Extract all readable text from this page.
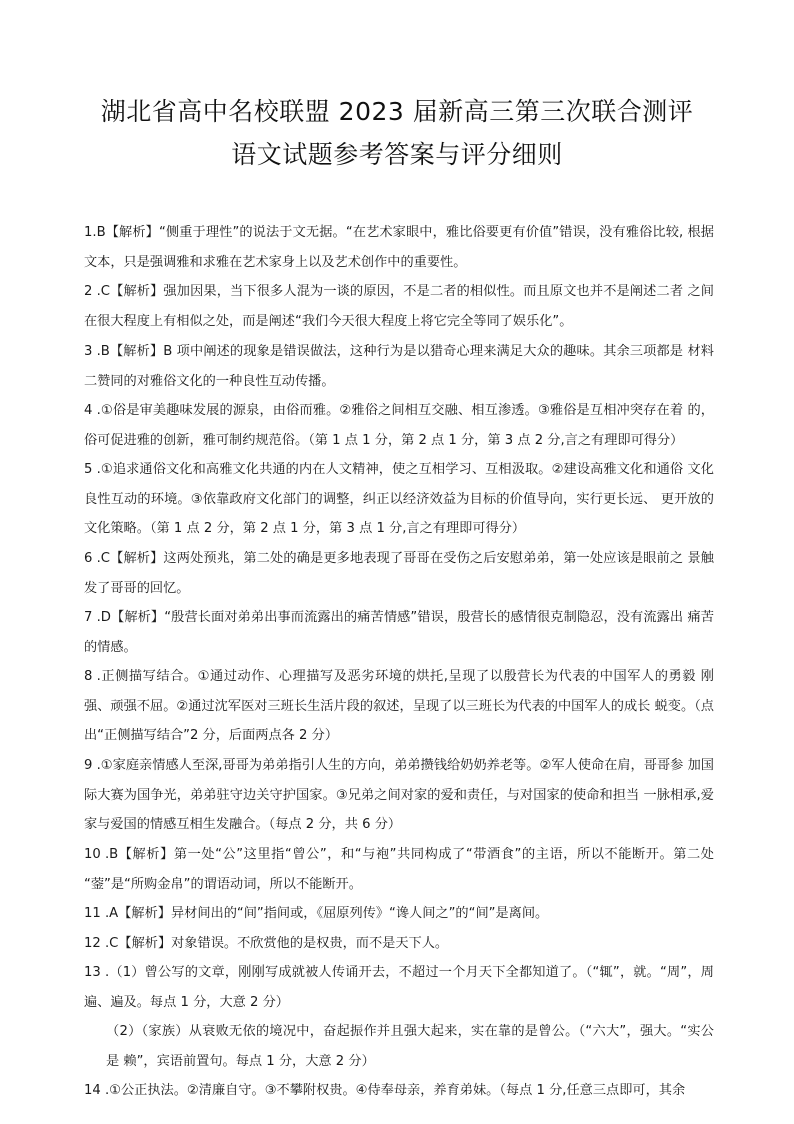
湖北省高中名校联盟 2023 届新高三第三次联合测评
语文试题参考答案与评分细则
1.B【解析】“侧重于理性”的说法于文无据。“在艺术家眼中，雅比俗要更有价值”错误，没有雅俗比较, 根据文本，只是强调雅和求雅在艺术家身上以及艺术创作中的重要性。
2 .C【解析】强加因果，当下很多人混为一谈的原因，不是二者的相似性。而且原文也并不是阐述二者 之间在很大程度上有相似之处，而是阐述“我们今天很大程度上将它完全等同了娱乐化”。
3 .B【解析】B 项中阐述的现象是错误做法，这种行为是以猎奇心理来满足大众的趣味。其余三项都是 材料二赞同的对雅俗文化的一种良性互动传播。
4 .①俗是审美趣味发展的源泉，由俗而雅。②雅俗之间相互交融、相互渗透。③雅俗是互相冲突存在着 的，俗可促进雅的创新，雅可制约规范俗。（第 1 点 1 分，第 2 点 1 分，第 3 点 2 分,言之有理即可得分）
5 .①追求通俗文化和高雅文化共通的内在人文精神，使之互相学习、互相汲取。②建设高雅文化和通俗 文化良性互动的环境。③依靠政府文化部门的调整，纠正以经济效益为目标的价值导向，实行更长远、 更开放的文化策略。（第 1 点 2 分，第 2 点 1 分，第 3 点 1 分,言之有理即可得分）
6 .C【解析】这两处预兆，第二处的确是更多地表现了哥哥在受伤之后安慰弟弟，第一处应该是眼前之 景触发了哥哥的回忆。
7 .D【解析】“殷营长面对弟弟出事而流露出的痛苦情感”错误，殷营长的感情很克制隐忍，没有流露出 痛苦的情感。
8 .正侧描写结合。①通过动作、心理描写及恶劣环境的烘托,呈现了以殷营长为代表的中国军人的勇毅 刚强、顽强不屈。②通过沈军医对三班长生活片段的叙述，呈现了以三班长为代表的中国军人的成长 蜕变。（点出“正侧描写结合”2 分，后面两点各 2 分）
9 .①家庭亲情感人至深,哥哥为弟弟指引人生的方向，弟弟攒钱给奶奶养老等。②军人使命在肩，哥哥参 加国际大赛为国争光，弟弟驻守边关守护国家。③兄弟之间对家的爱和责任，与对国家的使命和担当 一脉相承,爱家与爱国的情感互相生发融合。（每点 2 分，共 6 分）
10 .B【解析】第一处“公”这里指“曾公”，和“与袍”共同构成了“带酒食”的主语，所以不能断开。第二处 “蓥”是“所购金帛”的谓语动词，所以不能断开。
11 .A【解析】异材间出的“间”指间或，《屈原列传》“谗人间之”的“间”是离间。
12 .C【解析】对象错误。不欣赏他的是权贵，而不是天下人。
13 .（1）曾公写的文章，刚刚写成就被人传诵开去，不超过一个月天下全都知道了。（“辄”，就。“周”，周 遍、遍及。每点 1 分，大意 2 分）
（2）（家族）从衰败无依的境况中，奋起振作并且强大起来，实在靠的是曾公。（“六大”，强大。“实公是 赖”，宾语前置句。每点 1 分，大意 2 分）
14 .①公正执法。②清廉自守。③不攀附权贵。④侍奉母亲，养育弟妹。（每点 1 分,任意三点即可，其余
